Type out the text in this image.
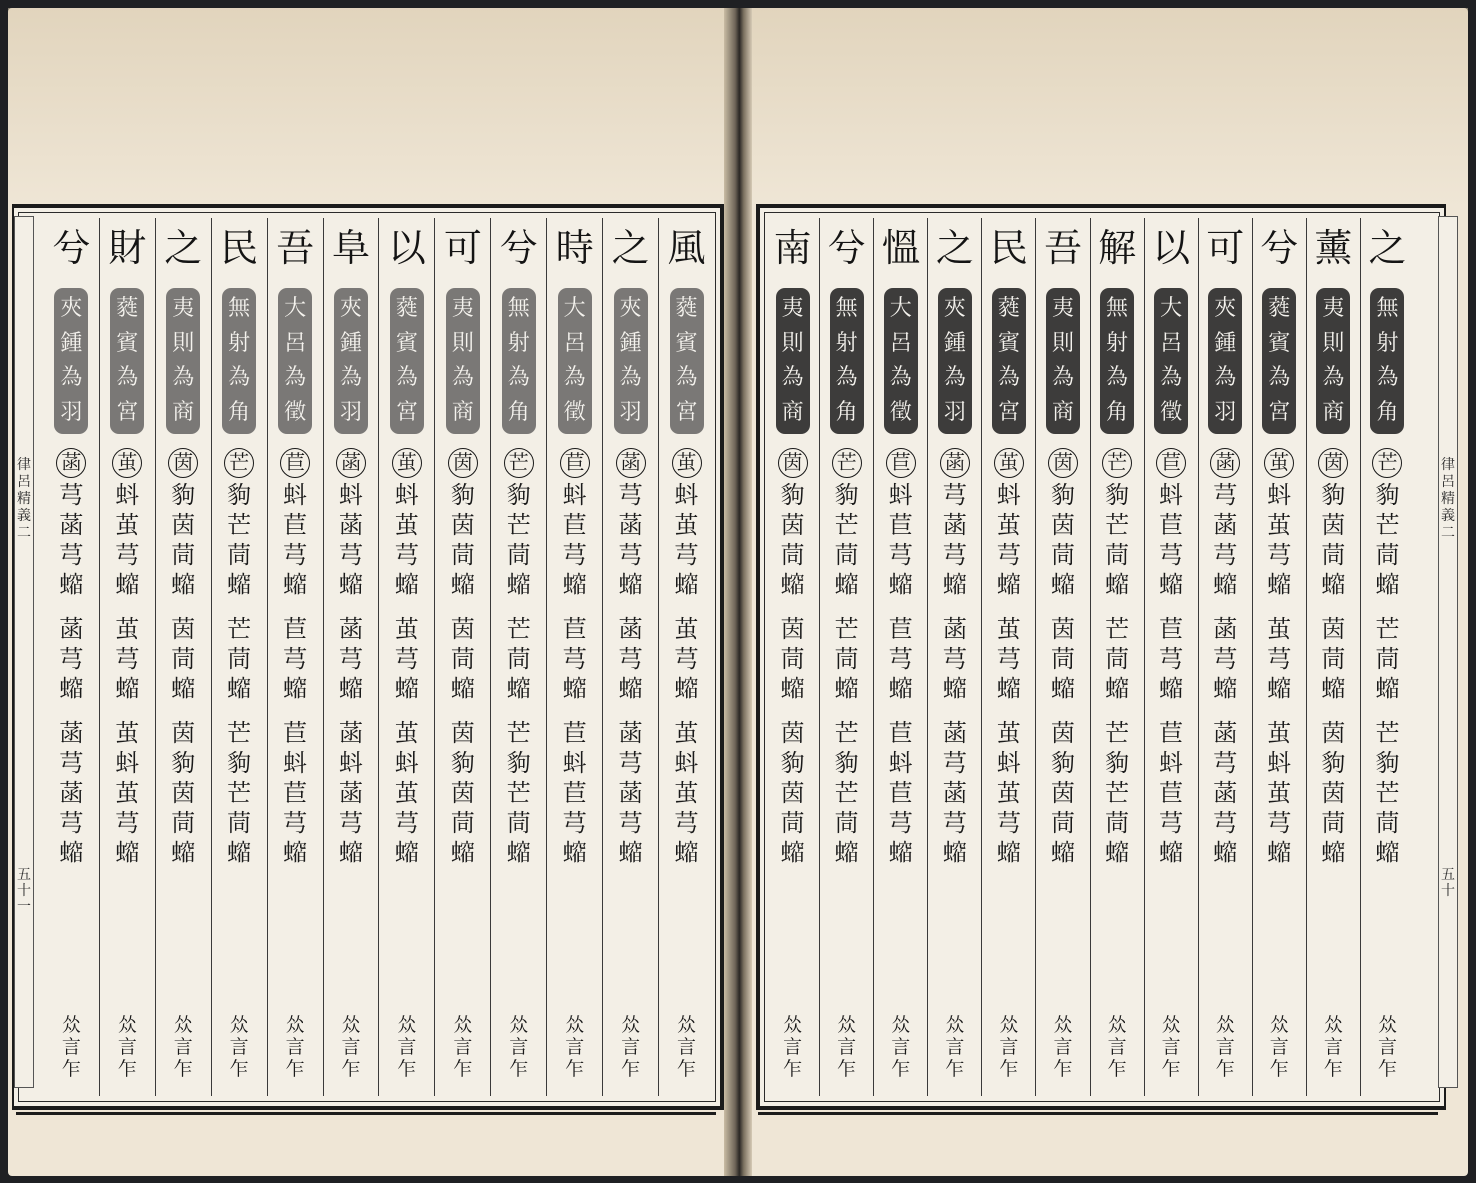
風
蕤
賓
為
宮
茧
蚪
茧
芎
𧑲
茧
芎
𧑲
茧
蚪
茧
芎
𧑲
𠈌
言
乍
之
夾
鍾
為
羽
菡
芎
菡
芎
𧑲
菡
芎
𧑲
菡
芎
菡
芎
𧑲
𠈌
言
乍
時
大
呂
為
徵
苣
蚪
苣
芎
𧑲
苣
芎
𧑲
苣
蚪
苣
芎
𧑲
𠈌
言
乍
兮
無
射
為
角
芒
豿
芒
茼
𧑲
芒
茼
𧑲
芒
豿
芒
茼
𧑲
𠈌
言
乍
可
夷
則
為
商
茵
豿
茵
茼
𧑲
茵
茼
𧑲
茵
豿
茵
茼
𧑲
𠈌
言
乍
以
蕤
賓
為
宮
茧
蚪
茧
芎
𧑲
茧
芎
𧑲
茧
蚪
茧
芎
𧑲
𠈌
言
乍
阜
夾
鍾
為
羽
菡
蚪
菡
芎
𧑲
菡
芎
𧑲
菡
蚪
菡
芎
𧑲
𠈌
言
乍
吾
大
呂
為
徵
苣
蚪
苣
芎
𧑲
苣
芎
𧑲
苣
蚪
苣
芎
𧑲
𠈌
言
乍
民
無
射
為
角
芒
豿
芒
茼
𧑲
芒
茼
𧑲
芒
豿
芒
茼
𧑲
𠈌
言
乍
之
夷
則
為
商
茵
豿
茵
茼
𧑲
茵
茼
𧑲
茵
豿
茵
茼
𧑲
𠈌
言
乍
財
蕤
賓
為
宮
茧
蚪
茧
芎
𧑲
茧
芎
𧑲
茧
蚪
茧
芎
𧑲
𠈌
言
乍
兮
夾
鍾
為
羽
菡
芎
菡
芎
𧑲
菡
芎
𧑲
菡
芎
菡
芎
𧑲
𠈌
言
乍
律呂精義二
五十一
之
無
射
為
角
芒
豿
芒
茼
𧑲
芒
茼
𧑲
芒
豿
芒
茼
𧑲
𠈌
言
乍
薰
夷
則
為
商
茵
豿
茵
茼
𧑲
茵
茼
𧑲
茵
豿
茵
茼
𧑲
𠈌
言
乍
兮
蕤
賓
為
宮
茧
蚪
茧
芎
𧑲
茧
芎
𧑲
茧
蚪
茧
芎
𧑲
𠈌
言
乍
可
夾
鍾
為
羽
菡
芎
菡
芎
𧑲
菡
芎
𧑲
菡
芎
菡
芎
𧑲
𠈌
言
乍
以
大
呂
為
徵
苣
蚪
苣
芎
𧑲
苣
芎
𧑲
苣
蚪
苣
芎
𧑲
𠈌
言
乍
解
無
射
為
角
芒
豿
芒
茼
𧑲
芒
茼
𧑲
芒
豿
芒
茼
𧑲
𠈌
言
乍
吾
夷
則
為
商
茵
豿
茵
茼
𧑲
茵
茼
𧑲
茵
豿
茵
茼
𧑲
𠈌
言
乍
民
蕤
賓
為
宮
茧
蚪
茧
芎
𧑲
茧
芎
𧑲
茧
蚪
茧
芎
𧑲
𠈌
言
乍
之
夾
鍾
為
羽
菡
芎
菡
芎
𧑲
菡
芎
𧑲
菡
芎
菡
芎
𧑲
𠈌
言
乍
慍
大
呂
為
徵
苣
蚪
苣
芎
𧑲
苣
芎
𧑲
苣
蚪
苣
芎
𧑲
𠈌
言
乍
兮
無
射
為
角
芒
豿
芒
茼
𧑲
芒
茼
𧑲
芒
豿
芒
茼
𧑲
𠈌
言
乍
南
夷
則
為
商
茵
豿
茵
茼
𧑲
茵
茼
𧑲
茵
豿
茵
茼
𧑲
𠈌
言
乍
律呂精義二
五十
